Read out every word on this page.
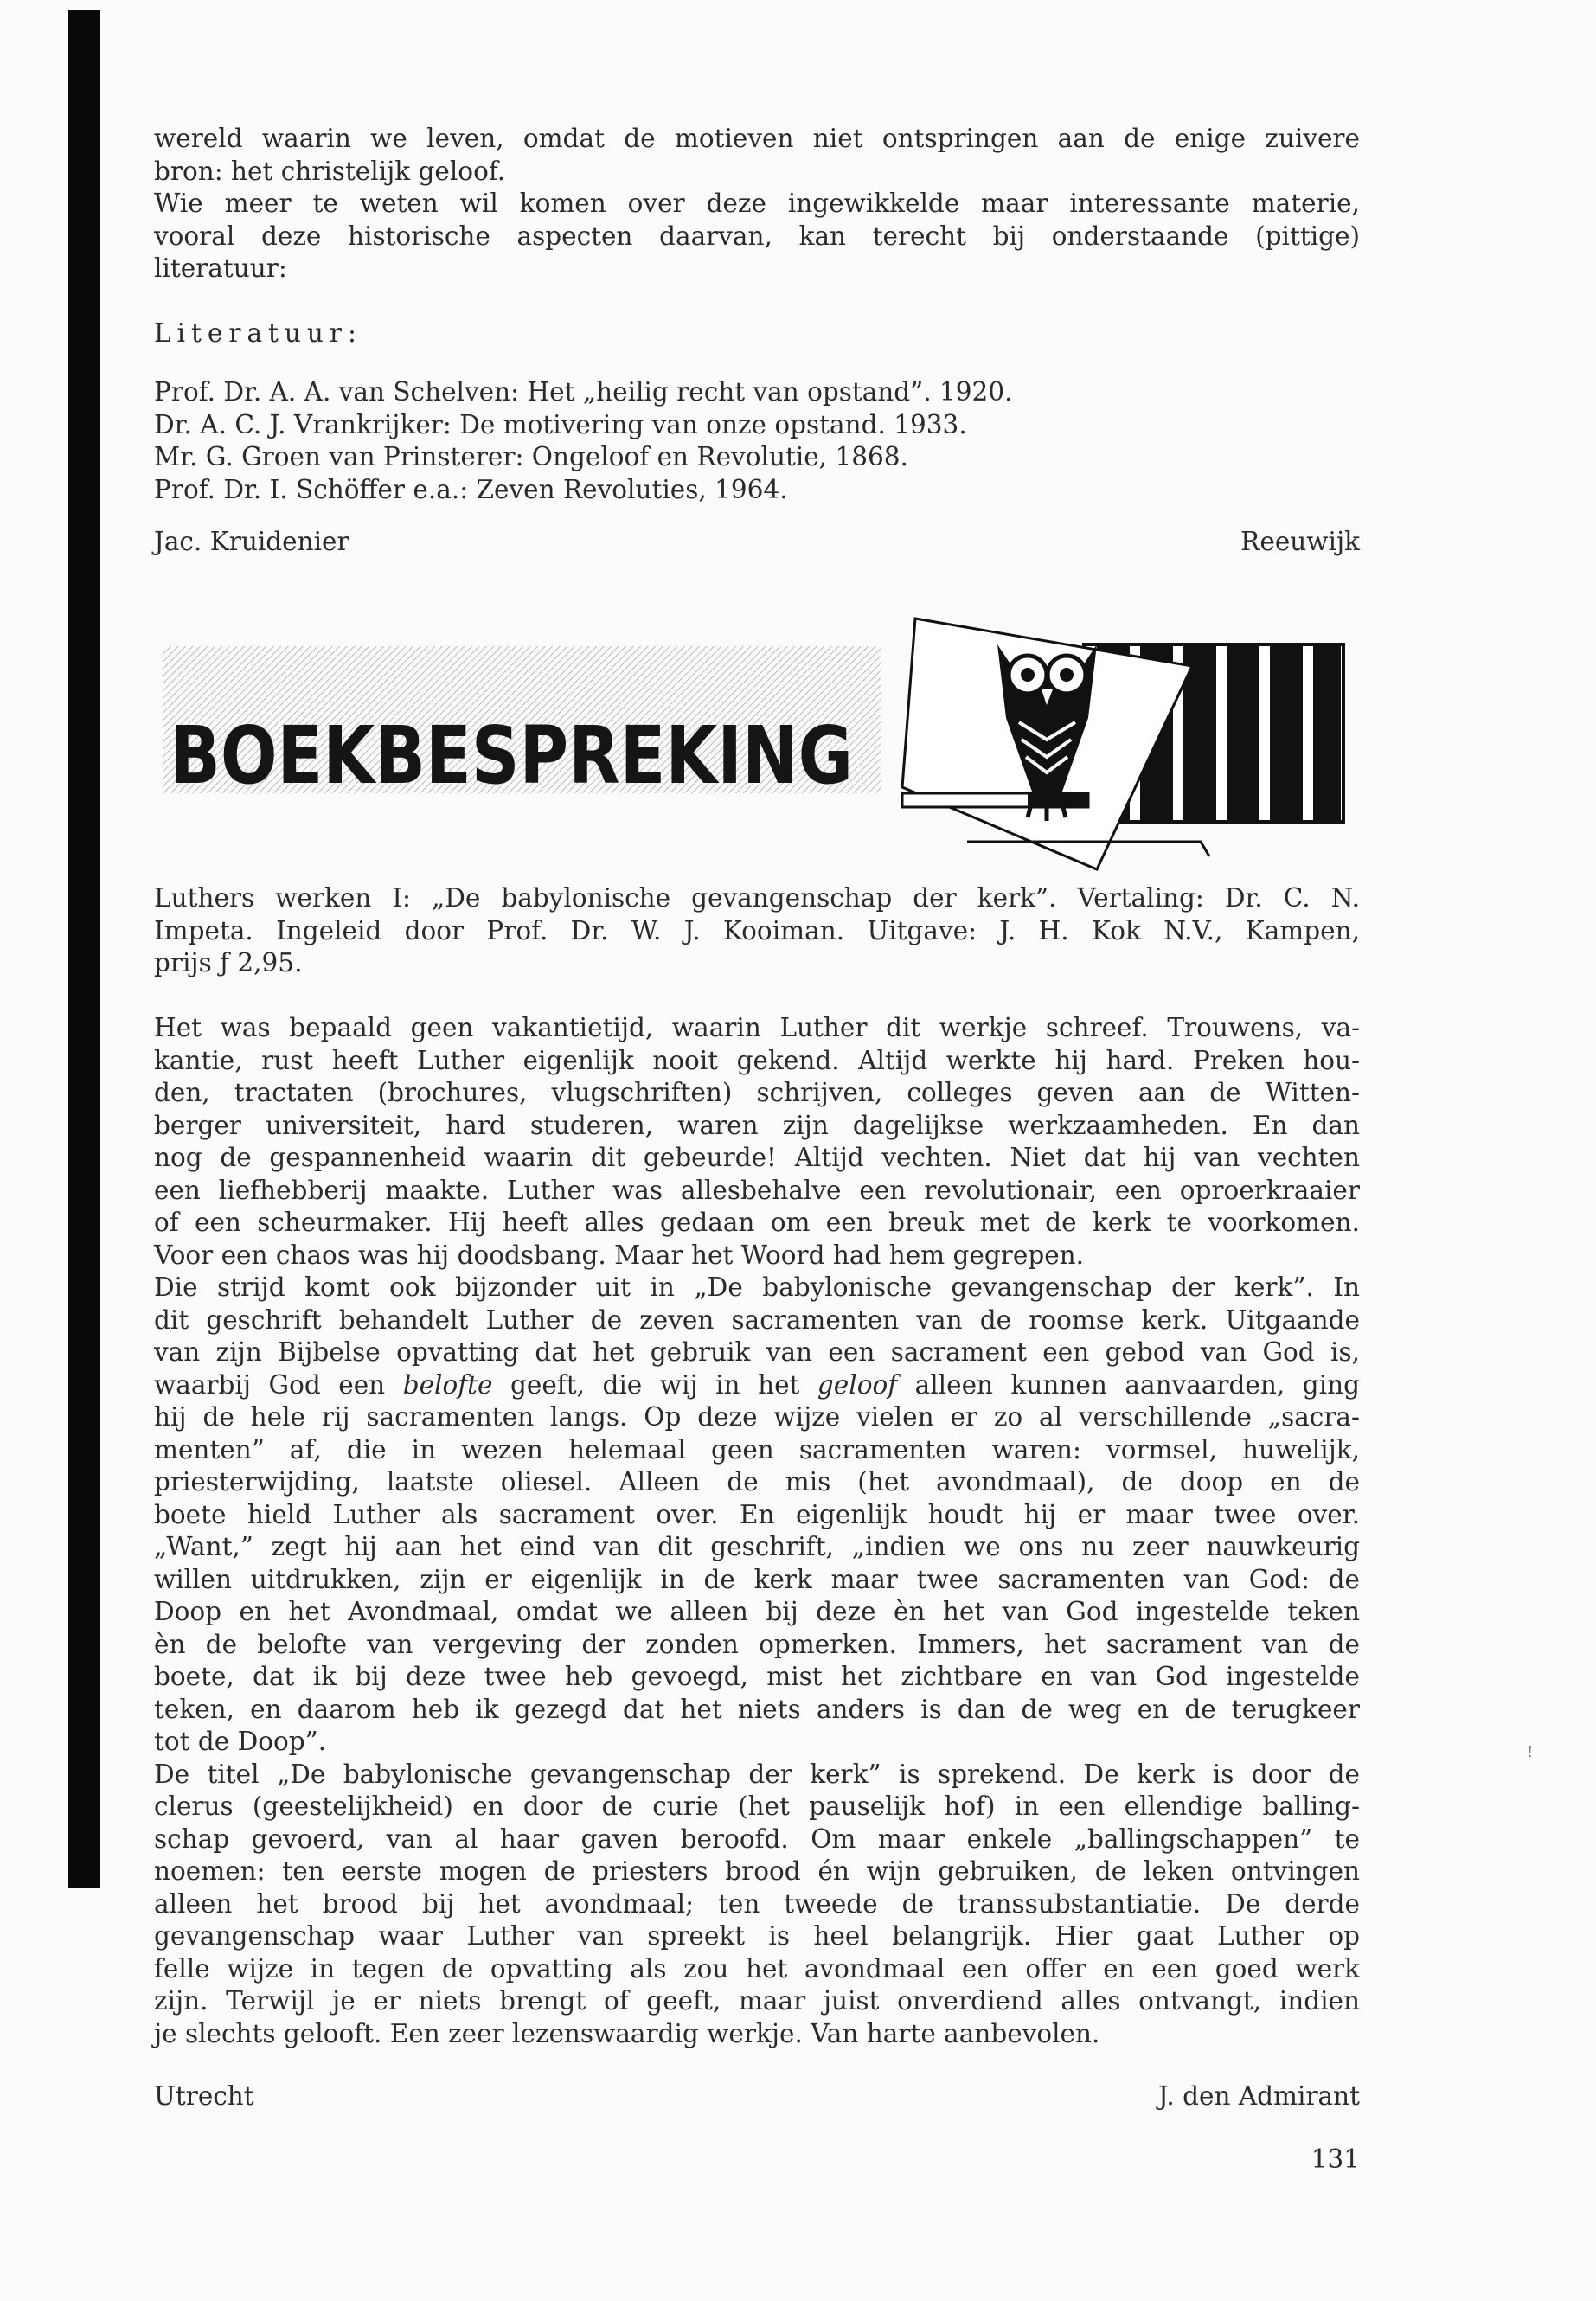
wereld waarin we leven, omdat de motieven niet ontspringen aan de enige zuivere
bron: het christelijk geloof.
Wie meer te weten wil komen over deze ingewikkelde maar interessante materie,
vooral deze historische aspecten daarvan, kan terecht bij onderstaande (pittige)
literatuur:
Literatuur:
Prof. Dr. A. A. van Schelven: Het „heilig recht van opstand”. 1920.
Dr. A. C. J. Vrankrijker: De motivering van onze opstand. 1933.
Mr. G. Groen van Prinsterer: Ongeloof en Revolutie, 1868.
Prof. Dr. I. Schöffer e.a.: Zeven Revoluties, 1964.
Jac. Kruidenier	Reeuwijk
BOEKBESPREKING
Luthers werken I: „De babylonische gevangenschap der kerk”. Vertaling: Dr. C. N.
Impeta. Ingeleid door Prof. Dr. W. J. Kooiman. Uitgave: J. H. Kok N.V., Kampen,
prijs ƒ 2,95.
Het was bepaald geen vakantietijd, waarin Luther dit werkje schreef. Trouwens, va-
kantie, rust heeft Luther eigenlijk nooit gekend. Altijd werkte hij hard. Preken hou-
den, tractaten (brochures, vlugschriften) schrijven, colleges geven aan de Witten-
berger universiteit, hard studeren, waren zijn dagelijkse werkzaamheden. En dan
nog de gespannenheid waarin dit gebeurde! Altijd vechten. Niet dat hij van vechten
een liefhebberij maakte. Luther was allesbehalve een revolutionair, een oproerkraaier
of een scheurmaker. Hij heeft alles gedaan om een breuk met de kerk te voorkomen.
Voor een chaos was hij doodsbang. Maar het Woord had hem gegrepen.
Die strijd komt ook bijzonder uit in „De babylonische gevangenschap der kerk”. In
dit geschrift behandelt Luther de zeven sacramenten van de roomse kerk. Uitgaande
van zijn Bijbelse opvatting dat het gebruik van een sacrament een gebod van God is,
waarbij God een belofte geeft, die wij in het geloof alleen kunnen aanvaarden, ging
hij de hele rij sacramenten langs. Op deze wijze vielen er zo al verschillende „sacra-
menten” af, die in wezen helemaal geen sacramenten waren: vormsel, huwelijk,
priesterwijding, laatste oliesel. Alleen de mis (het avondmaal), de doop en de
boete hield Luther als sacrament over. En eigenlijk houdt hij er maar twee over.
„Want,” zegt hij aan het eind van dit geschrift, „indien we ons nu zeer nauwkeurig
willen uitdrukken, zijn er eigenlijk in de kerk maar twee sacramenten van God: de
Doop en het Avondmaal, omdat we alleen bij deze èn het van God ingestelde teken
èn de belofte van vergeving der zonden opmerken. Immers, het sacrament van de
boete, dat ik bij deze twee heb gevoegd, mist het zichtbare en van God ingestelde
teken, en daarom heb ik gezegd dat het niets anders is dan de weg en de terugkeer
tot de Doop”.
De titel „De babylonische gevangenschap der kerk” is sprekend. De kerk is door de
clerus (geestelijkheid) en door de curie (het pauselijk hof) in een ellendige balling-
schap gevoerd, van al haar gaven beroofd. Om maar enkele „ballingschappen” te
noemen: ten eerste mogen de priesters brood én wijn gebruiken, de leken ontvingen
alleen het brood bij het avondmaal; ten tweede de transsubstantiatie. De derde
gevangenschap waar Luther van spreekt is heel belangrijk. Hier gaat Luther op
felle wijze in tegen de opvatting als zou het avondmaal een offer en een goed werk
zijn. Terwijl je er niets brengt of geeft, maar juist onverdiend alles ontvangt, indien
je slechts gelooft. Een zeer lezenswaardig werkje. Van harte aanbevolen.
Utrecht	J. den Admirant
!
131
